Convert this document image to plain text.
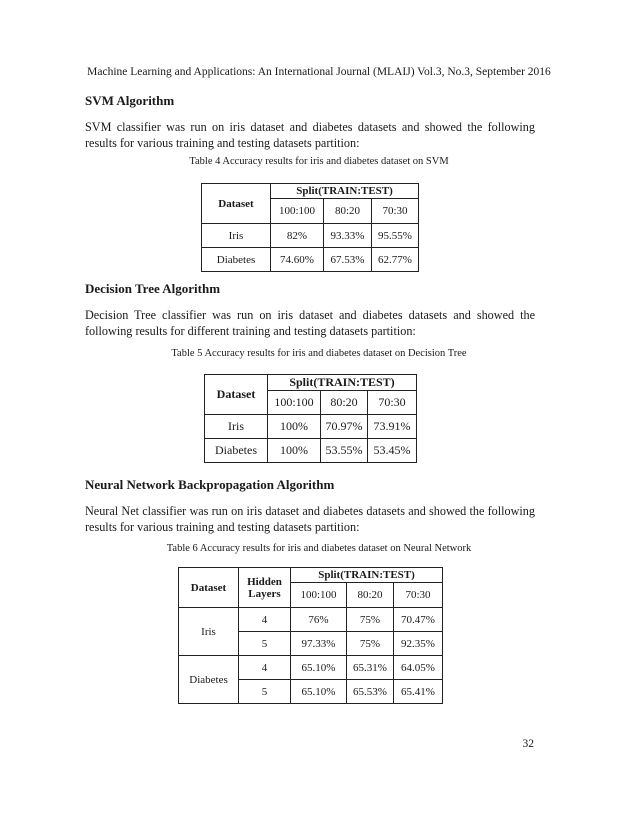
Machine Learning and Applications: An International Journal (MLAIJ) Vol.3, No.3, September 2016
SVM Algorithm

SVM classifier was run on iris dataset and diabetes datasets and showed the following results for various training and testing datasets partition:

Table 4 Accuracy results for iris and diabetes dataset on SVM
Dataset	Split(TRAIN:TEST)		
	100:100	80:20	70:30
Iris	82%	93.33%	95.55%
Diabetes	74.60%	67.53%	62.77%
Decision Tree Algorithm

Decision Tree classifier was run on iris dataset and diabetes datasets and showed the following results for different training and testing datasets partition:

Table 5 Accuracy results for iris and diabetes dataset on Decision Tree
Dataset	Split(TRAIN:TEST)		
	100:100	80:20	70:30
Iris	100%	70.97%	73.91%
Diabetes	100%	53.55%	53.45%
Neural Network Backpropagation Algorithm

Neural Net classifier was run on iris dataset and diabetes datasets and showed the following results for various training and testing datasets partition:

Table 6 Accuracy results for iris and diabetes dataset on Neural Network
Dataset	Hidden Layers	Split(TRAIN:TEST)		
		100:100	80:20	70:30
Iris	4	76%	75%	70.47%
	5	97.33%	75%	92.35%
Diabetes	4	65.10%	65.31%	64.05%
	5	65.10%	65.53%	65.41%
32
